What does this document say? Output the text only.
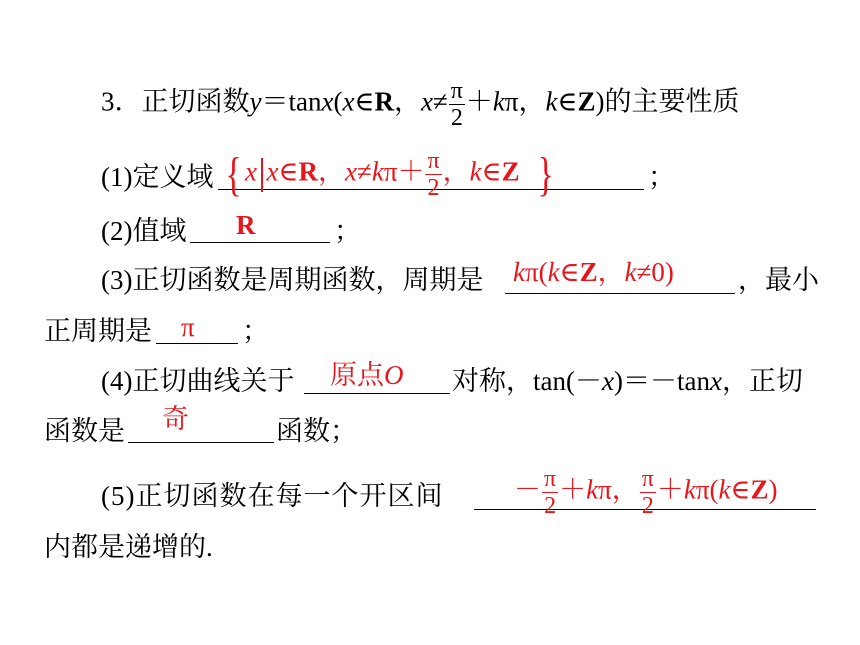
3．正切函数y＝tanx(x∈R，$x\ne \frac{\pi}{2} +k\pi$，k∈Z)的主要性质
(1)定义域	；
{ x x∈R，$x\ne k\pi+ \frac{\pi}{2}$ ，k∈Z }
(2)值域	；
R
(3)正切函数是周期函数，周期是	，最小
kπ(k∈Z，k≠0)
正周期是	；
π
(4)正切曲线关于	对称，tan(－x)＝－tanx，正切
原点O
函数是	函数；
奇
(5)正切函数在每一个开区间	－ $\frac{\pi}{2} +k\pi$， $\frac{\pi}{2}$ ＋kπ(k∈Z)
内都是递增的.
